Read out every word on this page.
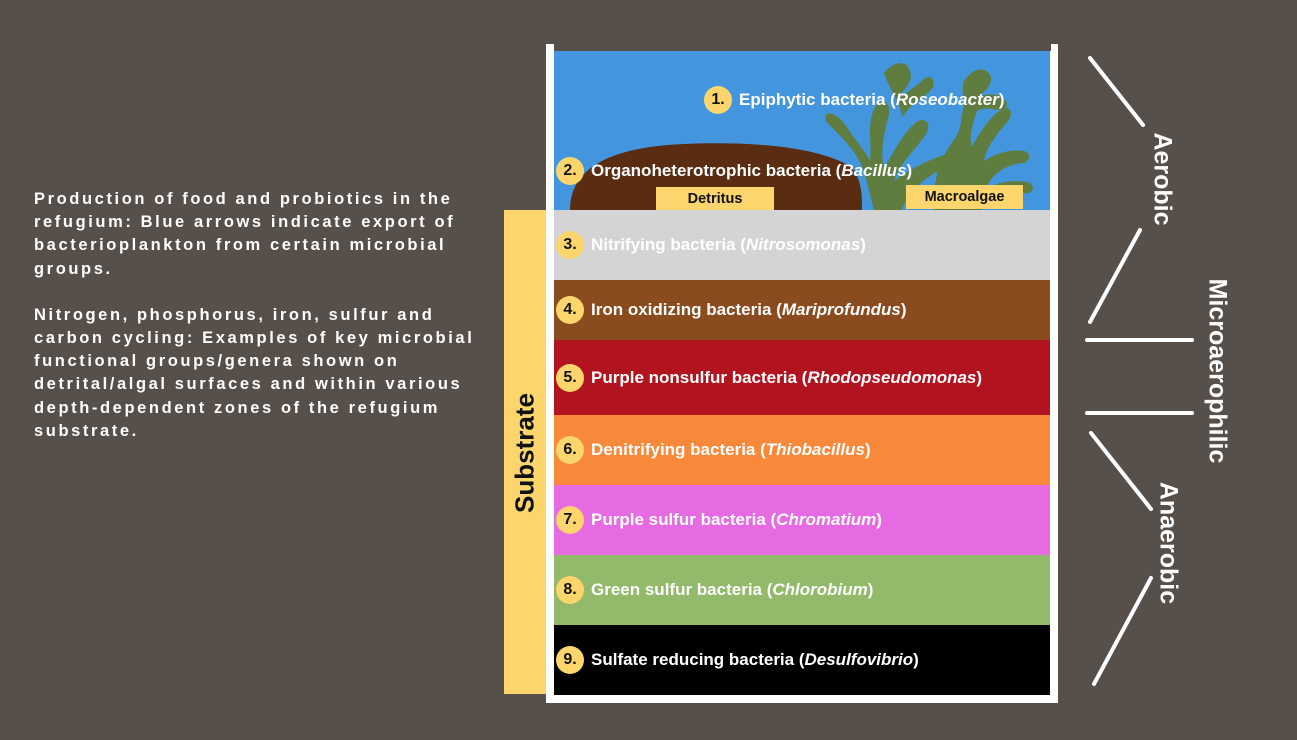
Production of food and probiotics in the refugium: Blue arrows indicate export of bacterioplankton from certain microbial groups.

Nitrogen, phosphorus, iron, sulfur and carbon cycling: Examples of key microbial functional groups/genera shown on detrital/algal surfaces and within various depth-dependent zones of the refugium substrate.	Substrate
Detritus	Macroalgae
1. Epiphytic bacteria (Roseobacter)
2. Organoheterotrophic bacteria (Bacillus)
3. Nitrifying bacteria (Nitrosomonas)
4. Iron oxidizing bacteria (Mariprofundus)
5. Purple nonsulfur bacteria (Rhodopseudomonas)
6. Denitrifying bacteria (Thiobacillus)
7. Purple sulfur bacteria (Chromatium)
8. Green sulfur bacteria (Chlorobium)
9. Sulfate reducing bacteria (Desulfovibrio)
Aerobic
Microaerophilic
Anaerobic
